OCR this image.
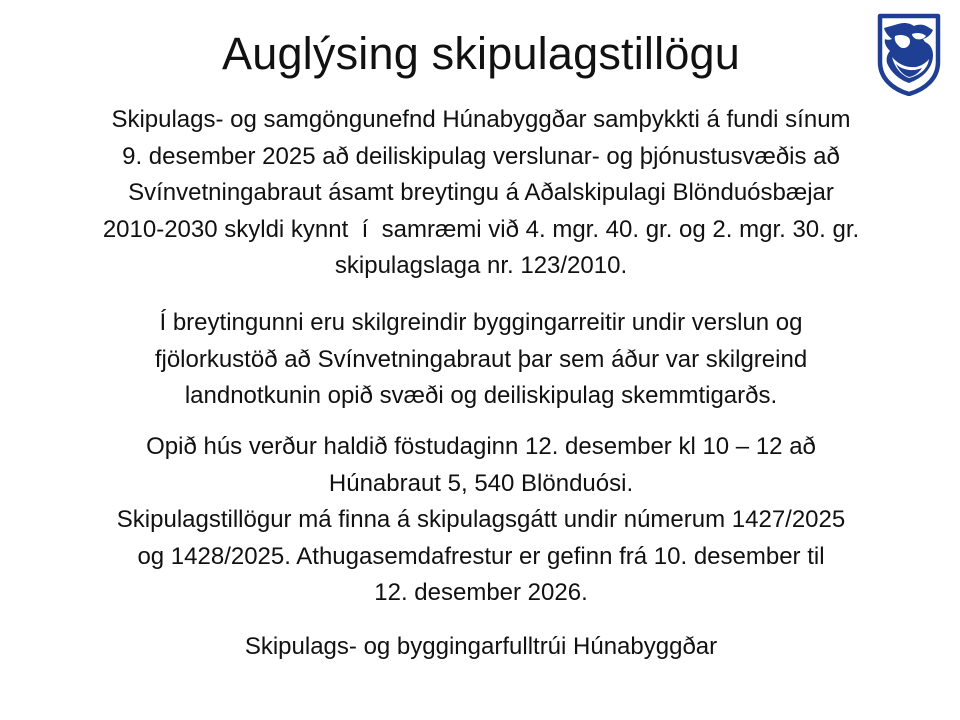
Auglýsing skipulagstillögu

Skipulags- og samgöngunefnd Húnabyggðar samþykkti á fundi sínum
9. desember 2025 að deiliskipulag verslunar- og þjónustusvæðis að
Svínvetningabraut ásamt breytingu á Aðalskipulagi Blönduósbæjar
2010-2030 skyldi kynnt  í  samræmi við 4. mgr. 40. gr. og 2. mgr. 30. gr.
skipulagslaga nr. 123/2010.

Í breytingunni eru skilgreindir byggingarreitir undir verslun og
fjölorkustöð að Svínvetningabraut þar sem áður var skilgreind
landnotkunin opið svæði og deiliskipulag skemmtigarðs.

Opið hús verður haldið föstudaginn 12. desember kl 10 – 12 að
Húnabraut 5, 540 Blönduósi.
Skipulagstillögur má finna á skipulagsgátt undir númerum 1427/2025
og 1428/2025. Athugasemdafrestur er gefinn frá 10. desember til
12. desember 2026.

Skipulags- og byggingarfulltrúi Húnabyggðar
